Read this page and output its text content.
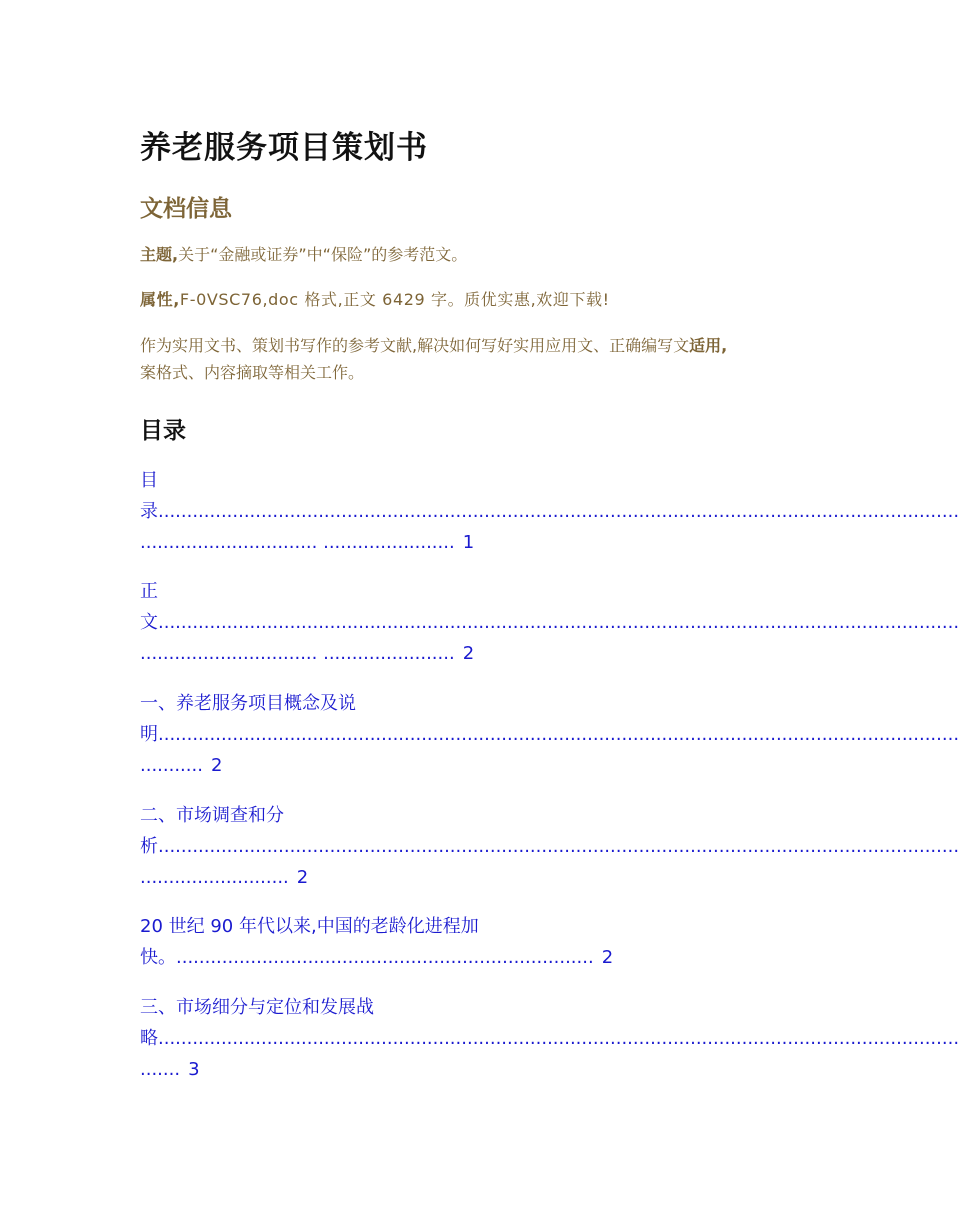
养老服务项目策划书
文档信息

主题,关于“金融或证券”中“保险”的参考范文。

属性,F-0VSC76,doc 格式,正文 6429 字。质优实惠,欢迎下载!

作为实用文书、策划书写作的参考文献,解决如何写好实用应用文、正确编写文适用,

案格式、内容摘取等相关工作。

目录
目
录............................................................................................................................................
............................... ....................... 1
正
文............................................................................................................................................
............................... ....................... 2
一、养老服务项目概念及说
明............................................................................................................................................
........... 2
二、市场调查和分
析............................................................................................................................................
.......................... 2
20 世纪 90 年代以来,中国的老龄化进程加
快。......................................................................... 2
三、市场细分与定位和发展战
略............................................................................................................................................
....... 3
